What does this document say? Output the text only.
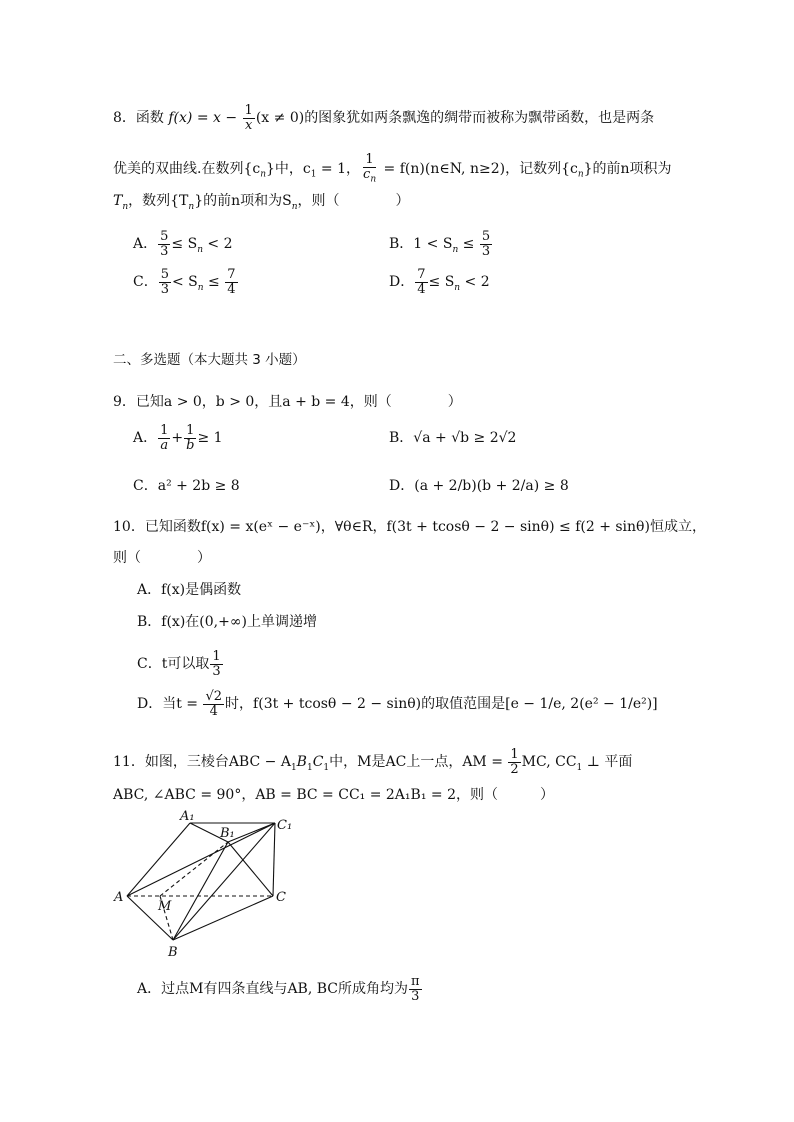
8．函数 $f(x) = x - \frac{1}{x} (x \ne 0)$的图象犹如两条飘逸的绸带而被称为飘带函数，也是两条
优美的双曲线.在数列$\{c_n\}$中，$c_1 = 1$， $\frac{1}{c_n}$ = f(n)(n∈N, n≥2)，记数列$\{c_n\}$的前n项积为
$T_n$，数列$\{T_n\}$的前n项和为$S_n$，则（　　　　）
A． $\frac{5}{3} \le S_n < 2$	B．$1 < S_n \le \frac{5}{3}$
C． $\frac{5}{3} < S_n \le \frac{7}{4}$	D． $\frac{7}{4} \le S_n < 2$
二、多选题（本大题共 3 小题）
9．已知a > 0，b > 0，且a + b = 4，则（　　　　）
A． $\frac{1}{a} + \frac{1}{b} \ge 1$	B．√a + √b ≥ 2√2
C．a² + 2b ≥ 8	D．(a + 2/b)(b + 2/a) ≥ 8
10．已知函数f(x) = x(eˣ − e⁻ˣ)，∀θ∈R，f(3t + tcosθ − 2 − sinθ) ≤ f(2 + sinθ)恒成立，
则（　　　　）
A．f(x)是偶函数
B．f(x)在(0,+∞)上单调递增
C．t可以取 $\frac{1}{3}$
D．当$t = \frac{√2}{4}$ 时，f(3t + tcosθ − 2 − sinθ)的取值范围是[e − 1/e, 2(e² − 1/e²)]
11．如图，三棱台ABC − $A_1B_1C_1$中，M是AC上一点，AM = $\frac{1}{2}$ MC, $CC_1$ ⊥ 平面
ABC, ∠ABC = 90°，AB = BC = CC₁ = 2A₁B₁ = 2，则（　　　）
A₁
B₁
C₁
A
B
C
M
A．过点M有四条直线与AB, BC所成角均为 $\frac{\pi}{3}$
